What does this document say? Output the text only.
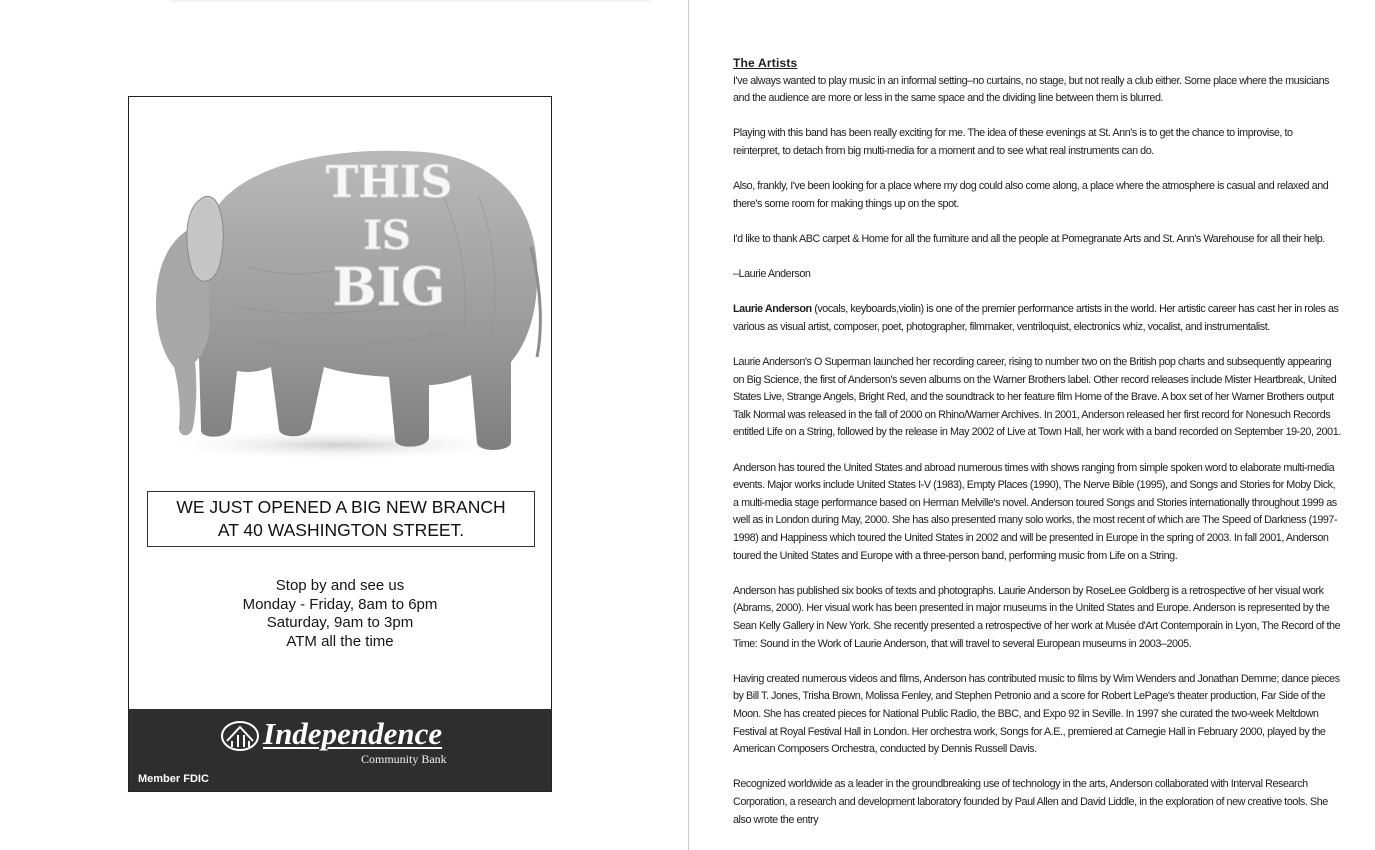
THIS
IS
BIG
WE JUST OPENED A BIG NEW BRANCH
AT 40 WASHINGTON STREET.
Stop by and see us
Monday - Friday, 8am to 6pm
Saturday, 9am to 3pm
ATM all the time
Independence
Community Bank
Member FDIC

The Artists

I've always wanted to play music in an informal setting–no curtains, no stage, but not really a club either. Some place where the musicians and the audience are more or less in the same space and the dividing line between them is blurred.

Playing with this band has been really exciting for me. The idea of these evenings at St. Ann's is to get the chance to improvise, to reinterpret, to detach from big multi-media for a moment and to see what real instruments can do.

Also, frankly, I've been looking for a place where my dog could also come along, a place where the atmosphere is casual and relaxed and there's some room for making things up on the spot.

I'd like to thank ABC carpet & Home for all the furniture and all the people at Pomegranate Arts and St. Ann's Warehouse for all their help.

–Laurie Anderson

Laurie Anderson (vocals, keyboards,violin) is one of the premier performance artists in the world. Her artistic career has cast her in roles as various as visual artist, composer, poet, photographer, filmmaker, ventriloquist, electronics whiz, vocalist, and instrumentalist.

Laurie Anderson's O Superman launched her recording career, rising to number two on the British pop charts and subsequently appearing on Big Science, the first of Anderson's seven albums on the Warner Brothers label. Other record releases include Mister Heartbreak, United States Live, Strange Angels, Bright Red, and the soundtrack to her feature film Home of the Brave. A box set of her Warner Brothers output Talk Normal was released in the fall of 2000 on Rhino/Warner Archives. In 2001, Anderson released her first record for Nonesuch Records entitled Life on a String, followed by the release in May 2002 of Live at Town Hall, her work with a band recorded on September 19-20, 2001.

Anderson has toured the United States and abroad numerous times with shows ranging from simple spoken word to elaborate multi-media events. Major works include United States I-V (1983), Empty Places (1990), The Nerve Bible (1995), and Songs and Stories for Moby Dick, a multi-media stage performance based on Herman Melville's novel. Anderson toured Songs and Stories internationally throughout 1999 as well as in London during May, 2000. She has also presented many solo works, the most recent of which are The Speed of Darkness (1997-1998) and Happiness which toured the United States in 2002 and will be presented in Europe in the spring of 2003. In fall 2001, Anderson toured the United States and Europe with a three-person band, performing music from Life on a String.

Anderson has published six books of texts and photographs. Laurie Anderson by RoseLee Goldberg is a retrospective of her visual work (Abrams, 2000). Her visual work has been presented in major museums in the United States and Europe. Anderson is represented by the Sean Kelly Gallery in New York. She recently presented a retrospective of her work at Musée d'Art Contemporain in Lyon, The Record of the Time: Sound in the Work of Laurie Anderson, that will travel to several European museums in 2003–2005.

Having created numerous videos and films, Anderson has contributed music to films by Wim Wenders and Jonathan Demme; dance pieces by Bill T. Jones, Trisha Brown, Molissa Fenley, and Stephen Petronio and a score for Robert LePage's theater production, Far Side of the Moon. She has created pieces for National Public Radio, the BBC, and Expo 92 in Seville. In 1997 she curated the two-week Meltdown Festival at Royal Festival Hall in London. Her orchestra work, Songs for A.E., premiered at Carnegie Hall in February 2000, played by the American Composers Orchestra, conducted by Dennis Russell Davis.

Recognized worldwide as a leader in the groundbreaking use of technology in the arts, Anderson collaborated with Interval Research Corporation, a research and development laboratory founded by Paul Allen and David Liddle, in the exploration of new creative tools. She also wrote the entry
